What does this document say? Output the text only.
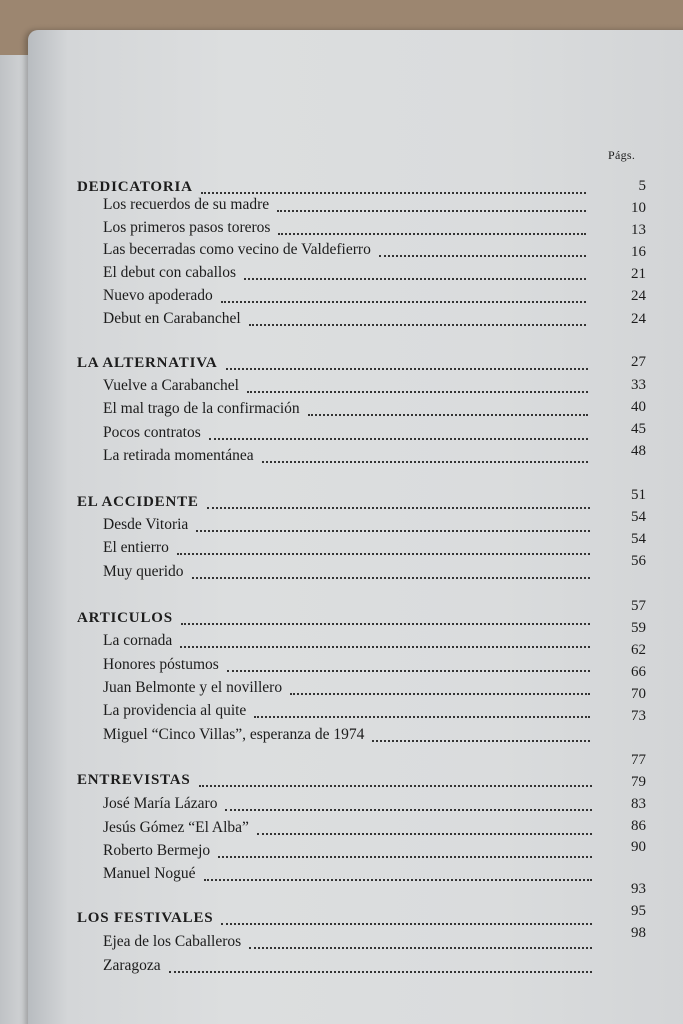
Págs.
DEDICATORIA
Los recuerdos de su madre
Los primeros pasos toreros
Las becerradas como vecino de Valdefierro
El debut con caballos
Nuevo apoderado
Debut en Carabanchel
LA ALTERNATIVA
Vuelve a Carabanchel
El mal trago de la confirmación
Pocos contratos
La retirada momentánea
EL ACCIDENTE
Desde Vitoria
El entierro
Muy querido
ARTICULOS
La cornada
Honores póstumos
Juan Belmonte y el novillero
La providencia al quite
Miguel “Cinco Villas”, esperanza de 1974
ENTREVISTAS
José María Lázaro
Jesús Gómez “El Alba”
Roberto Bermejo
Manuel Nogué
LOS FESTIVALES
Ejea de los Caballeros
Zaragoza
5
10
13
16
21
24
24
27
33
40
45
48
51
54
54
56
57
59
62
66
70
73
77
79
83
86
90
93
95
98
